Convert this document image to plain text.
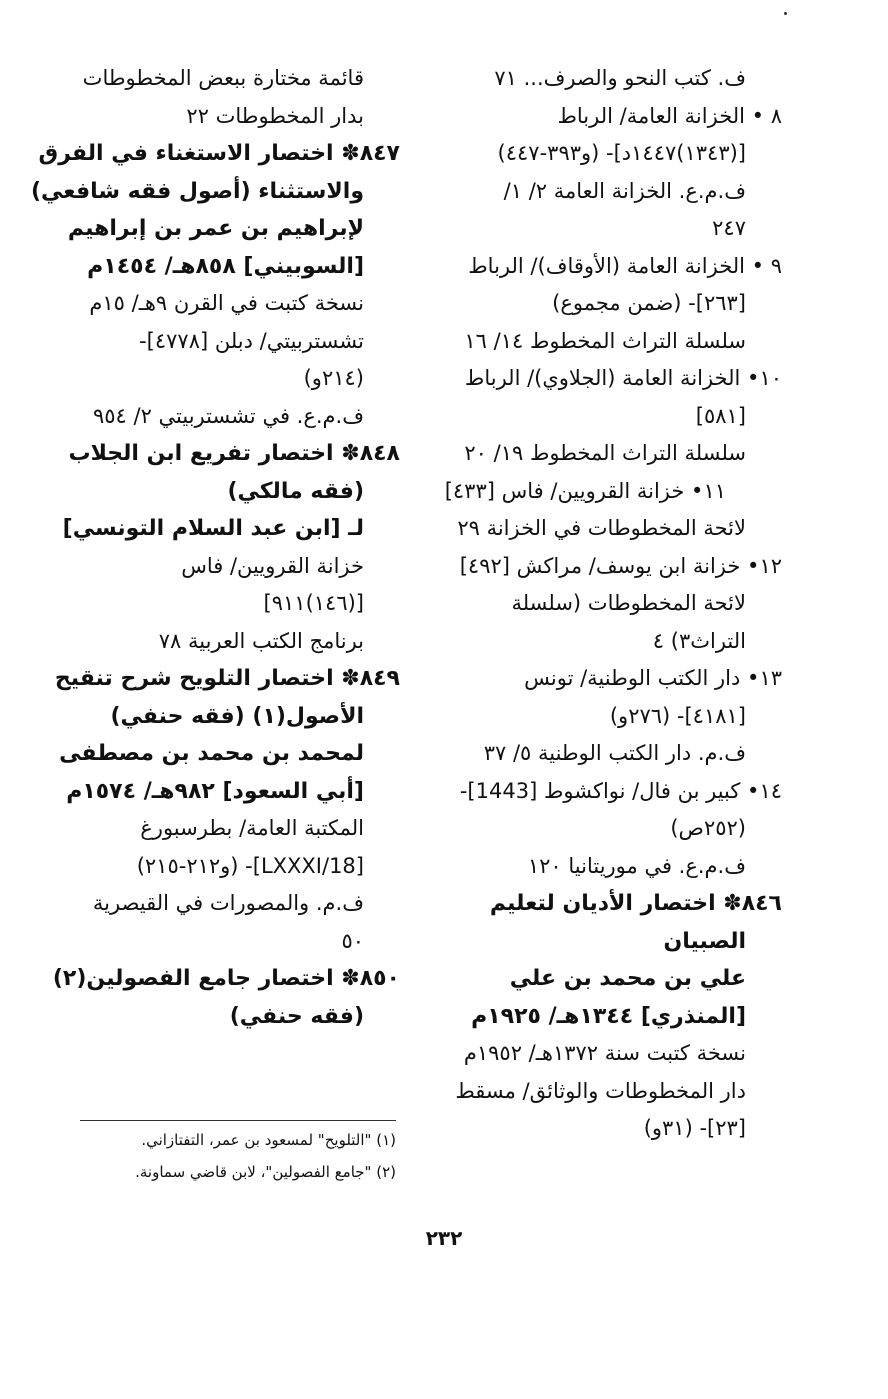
ف. كتب النحو والصرف... ٧١
٨ • الخزانة العامة/ الرباط
[(١٣٤٣)١٤٤٧د]- (و٣٩٣-٤٤٧)
ف.م.ع. الخزانة العامة ٢/ ١/
٢٤٧
٩ • الخزانة العامة (الأوقاف)/ الرباط
[٢٦٣]- (ضمن مجموع)
سلسلة التراث المخطوط ١٤/ ١٦
١٠• الخزانة العامة (الجلاوي)/ الرباط
[٥٨١]
سلسلة التراث المخطوط ١٩/ ٢٠
١١• خزانة القرويين/ فاس [٤٣٣]
لائحة المخطوطات في الخزانة ٢٩
١٢• خزانة ابن يوسف/ مراكش [٤٩٢]
لائحة المخطوطات (سلسلة
التراث٣) ٤
١٣• دار الكتب الوطنية/ تونس
[٤١٨١]- (٢٧٦و)
ف.م. دار الكتب الوطنية ٥/ ٣٧
١٤• كبير بن فال/ نواكشوط [1443]-
(٢٥٢ص)
ف.م.ع. في موريتانيا ١٢٠
٨٤٦✽ اختصار الأديان لتعليم
الصبيان
علي بن محمد بن علي
[المنذري] ١٣٤٤هـ/ ١٩٢٥م
نسخة كتبت سنة ١٣٧٢هـ/ ١٩٥٢م
دار المخطوطات والوثائق/ مسقط
[٢٣]- (٣١و)
قائمة مختارة ببعض المخطوطات
بدار المخطوطات ٢٢
٨٤٧✽ اختصار الاستغناء في الفرق
والاستثناء (أصول فقه شافعي)
لإبراهيم بن عمر بن إبراهيم
[السوبيني] ٨٥٨هـ/ ١٤٥٤م
نسخة كتبت في القرن ٩هـ/ ١٥م
تشستربيتي/ دبلن [٤٧٧٨]-
(٢١٤و)
ف.م.ع. في تشستربيتي ٢/ ٩٥٤
٨٤٨✽ اختصار تفريع ابن الجلاب
(فقه مالكي)
لـ [ابن عبد السلام التونسي]
خزانة القرويين/ فاس
[(١٤٦)٩١١]
برنامج الكتب العربية ٧٨
٨٤٩✽ اختصار التلويح شرح تنقيح
الأصول(١) (فقه حنفي)
لمحمد بن محمد بن مصطفى
[أبي السعود] ٩٨٢هـ/ ١٥٧٤م
المكتبة العامة/ بطرسبورغ
[LXXXI/18]- (و٢١٢-٢١٥)
ف.م. والمصورات في القيصرية
٥٠
٨٥٠✽ اختصار جامع الفصولين(٢)
(فقه حنفي)
(١) "التلويح" لمسعود بن عمر، التفتازاني.
(٢) "جامع الفصولين"، لابن قاضي سماونة.
٢٣٢
